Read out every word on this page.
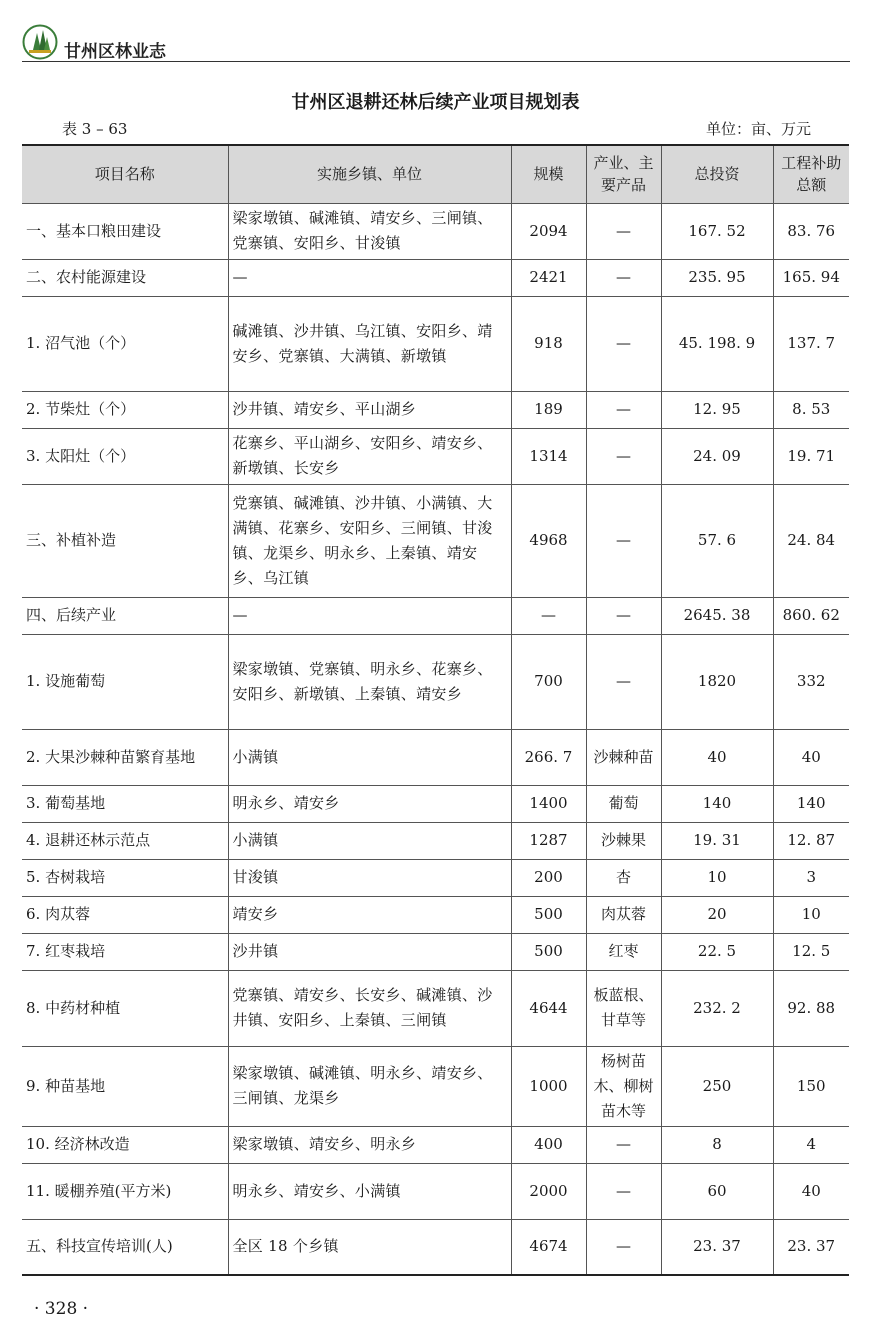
甘州区林业志
甘州区退耕还林后续产业项目规划表
表 3 – 63	单位：亩、万元
项目名称	实施乡镇、单位	规模	产业、主要产品	总投资	工程补助总额
一、基本口粮田建设	梁家墩镇、碱滩镇、靖安乡、三闸镇、党寨镇、安阳乡、甘浚镇	2094	—	167. 52	83. 76
二、农村能源建设	—	2421	—	235. 95	165. 94
1. 沼气池（个）	碱滩镇、沙井镇、乌江镇、安阳乡、靖安乡、党寨镇、大满镇、新墩镇	918	—	45. 198. 9	137. 7
2. 节柴灶（个）	沙井镇、靖安乡、平山湖乡	189	—	12. 95	8. 53
3. 太阳灶（个）	花寨乡、平山湖乡、安阳乡、靖安乡、新墩镇、长安乡	1314	—	24. 09	19. 71
三、补植补造	党寨镇、碱滩镇、沙井镇、小满镇、大满镇、花寨乡、安阳乡、三闸镇、甘浚镇、龙渠乡、明永乡、上秦镇、靖安乡、乌江镇	4968	—	57. 6	24. 84
四、后续产业	—	—	—	2645. 38	860. 62
1. 设施葡萄	梁家墩镇、党寨镇、明永乡、花寨乡、安阳乡、新墩镇、上秦镇、靖安乡	700	—	1820	332
2. 大果沙棘种苗繁育基地	小满镇	266. 7	沙棘种苗	40	40
3. 葡萄基地	明永乡、靖安乡	1400	葡萄	140	140
4. 退耕还林示范点	小满镇	1287	沙棘果	19. 31	12. 87
5. 杏树栽培	甘浚镇	200	杏	10	3
6. 肉苁蓉	靖安乡	500	肉苁蓉	20	10
7. 红枣栽培	沙井镇	500	红枣	22. 5	12. 5
8. 中药材种植	党寨镇、靖安乡、长安乡、碱滩镇、沙井镇、安阳乡、上秦镇、三闸镇	4644	板蓝根、甘草等	232. 2	92. 88
9. 种苗基地	梁家墩镇、碱滩镇、明永乡、靖安乡、三闸镇、龙渠乡	1000	杨树苗木、柳树苗木等	250	150
10. 经济林改造	梁家墩镇、靖安乡、明永乡	400	—	8	4
11. 暖棚养殖(平方米)	明永乡、靖安乡、小满镇	2000	—	60	40
五、科技宣传培训(人)	全区 18 个乡镇	4674	—	23. 37	23. 37
· 328 ·
